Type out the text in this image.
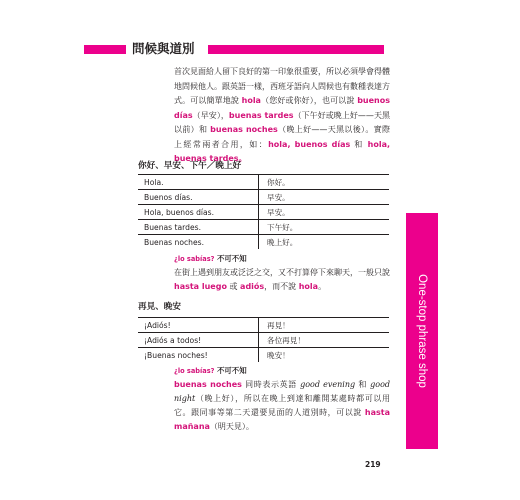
問候與道別
首次見面給人留下良好的第一印象很重要，所以必須學會得體地問候他人。跟英語一樣，西班牙語向人問候也有數種表達方式。可以簡單地說 hola（您好或你好），也可以說 buenos días（早安），buenas tardes（下午好或晚上好——天黑以前）和 buenas noches（晚上好——天黑以後）。實際上經常兩者合用，如：hola, buenos días 和 hola, buenas tardes。
你好、早安、下午／晚上好
Hola.	你好。
Buenos días.	早安。
Hola, buenos días.	早安。
Buenas tardes.	下午好。
Buenas noches.	晚上好。
¿lo sabías? 不可不知
在街上遇到朋友或泛泛之交，又不打算停下來聊天，一般只說 hasta luego 或 adiós，而不說 hola。
再見、晚安
¡Adiós!	再見！
¡Adiós a todos!	各位再見！
¡Buenas noches!	晚安！
¿lo sabías? 不可不知
buenas noches 同時表示英語 good evening 和 good night（晚上好），所以在晚上到達和離開某處時都可以用它。跟同事等第二天還要見面的人道別時，可以說 hasta mañana（明天見）。
One-stop phrase shop
219
